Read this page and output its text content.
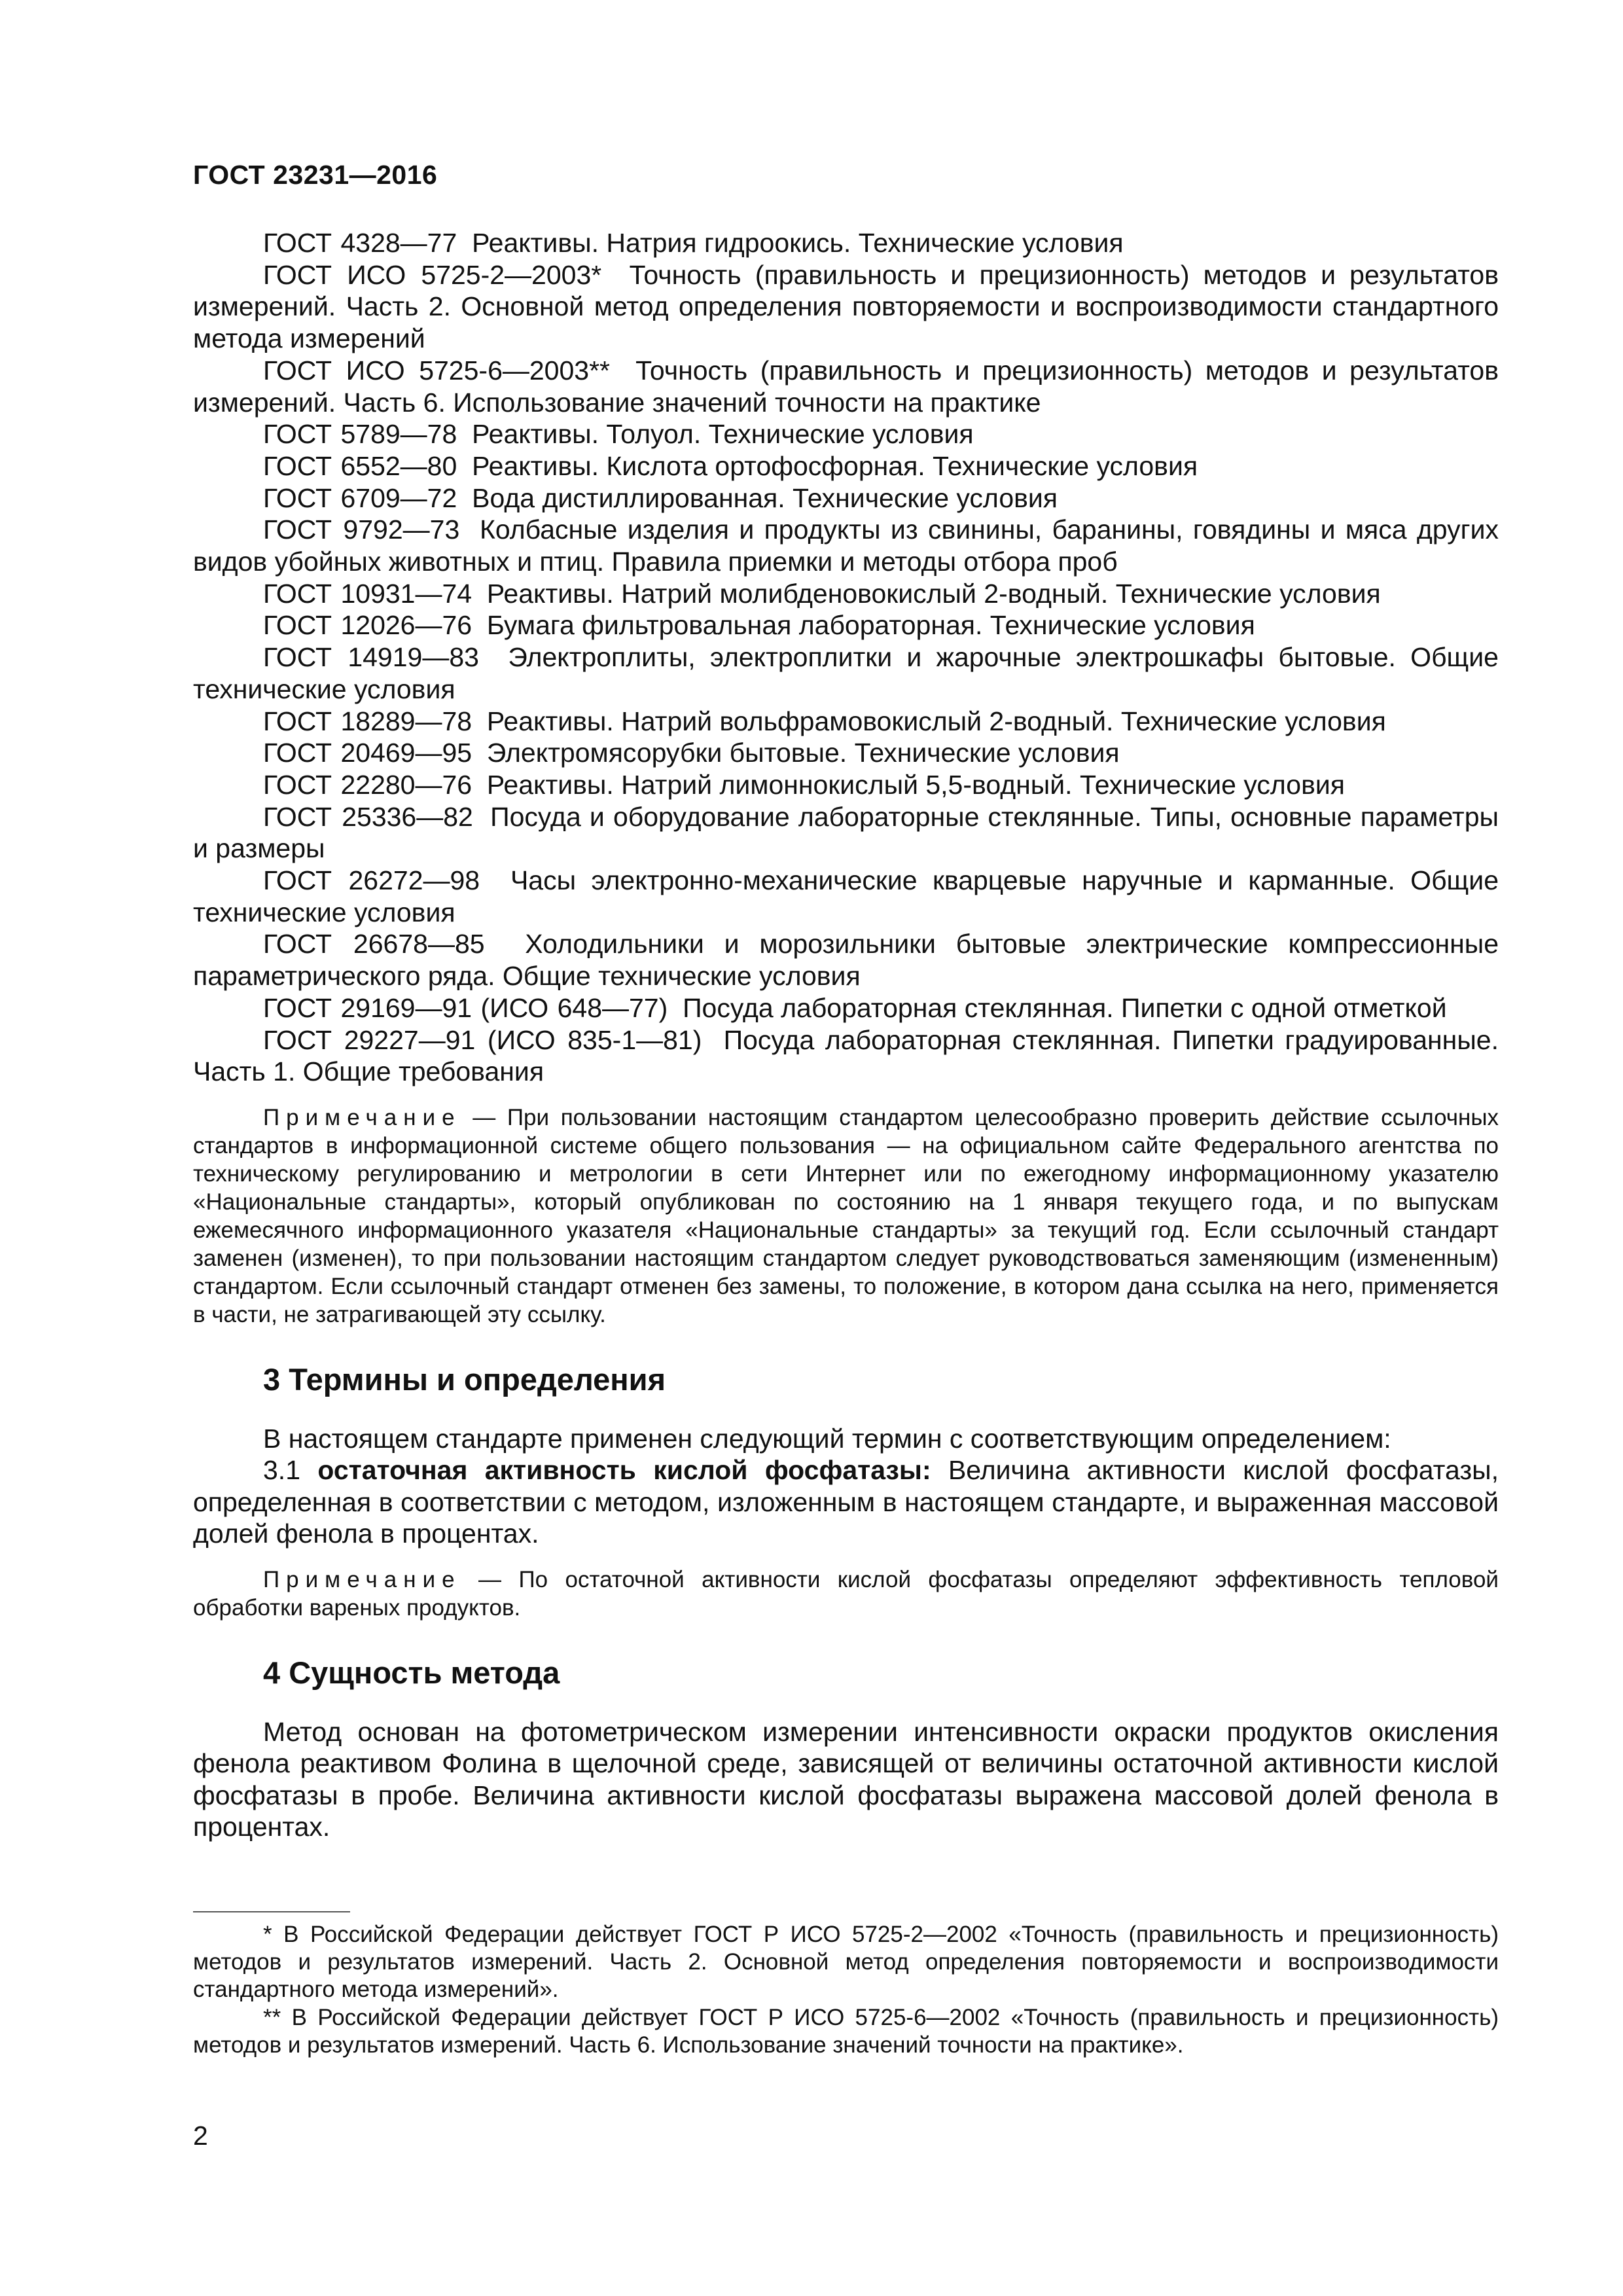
ГОСТ 23231—2016

ГОСТ 4328—77 Реактивы. Натрия гидроокись. Технические условия

ГОСТ ИСО 5725-2—2003* Точность (правильность и прецизионность) методов и результатов измерений. Часть 2. Основной метод определения повторяемости и воспроизводимости стандартного метода измерений

ГОСТ ИСО 5725-6—2003** Точность (правильность и прецизионность) методов и результатов измерений. Часть 6. Использование значений точности на практике

ГОСТ 5789—78 Реактивы. Толуол. Технические условия

ГОСТ 6552—80 Реактивы. Кислота ортофосфорная. Технические условия

ГОСТ 6709—72 Вода дистиллированная. Технические условия

ГОСТ 9792—73 Колбасные изделия и продукты из свинины, баранины, говядины и мяса других видов убойных животных и птиц. Правила приемки и методы отбора проб

ГОСТ 10931—74 Реактивы. Натрий молибденовокислый 2-водный. Технические условия

ГОСТ 12026—76 Бумага фильтровальная лабораторная. Технические условия

ГОСТ 14919—83 Электроплиты, электроплитки и жарочные электрошкафы бытовые. Общие технические условия

ГОСТ 18289—78 Реактивы. Натрий вольфрамовокислый 2-водный. Технические условия

ГОСТ 20469—95 Электромясорубки бытовые. Технические условия

ГОСТ 22280—76 Реактивы. Натрий лимоннокислый 5,5-водный. Технические условия

ГОСТ 25336—82 Посуда и оборудование лабораторные стеклянные. Типы, основные параметры и размеры

ГОСТ 26272—98 Часы электронно-механические кварцевые наручные и карманные. Общие технические условия

ГОСТ 26678—85 Холодильники и морозильники бытовые электрические компрессионные параметрического ряда. Общие технические условия

ГОСТ 29169—91 (ИСО 648—77) Посуда лабораторная стеклянная. Пипетки с одной отметкой

ГОСТ 29227—91 (ИСО 835-1—81) Посуда лабораторная стеклянная. Пипетки градуированные. Часть 1. Общие требования

Примечание — При пользовании настоящим стандартом целесообразно проверить действие ссылочных стандартов в информационной системе общего пользования — на официальном сайте Федерального агентства по техническому регулированию и метрологии в сети Интернет или по ежегодному информационному указателю «Национальные стандарты», который опубликован по состоянию на 1 января текущего года, и по выпускам ежемесячного информационного указателя «Национальные стандарты» за текущий год. Если ссылочный стандарт заменен (изменен), то при пользовании настоящим стандартом следует руководствоваться заменяющим (измененным) стандартом. Если ссылочный стандарт отменен без замены, то положение, в котором дана ссылка на него, применяется в части, не затрагивающей эту ссылку.

3 Термины и определения

В настоящем стандарте применен следующий термин с соответствующим определением:

3.1 остаточная активность кислой фосфатазы: Величина активности кислой фосфатазы, определенная в соответствии с методом, изложенным в настоящем стандарте, и выраженная массовой долей фенола в процентах.

Примечание — По остаточной активности кислой фосфатазы определяют эффективность тепловой обработки вареных продуктов.

4 Сущность метода

Метод основан на фотометрическом измерении интенсивности окраски продуктов окисления фенола реактивом Фолина в щелочной среде, зависящей от величины остаточной активности кислой фосфатазы в пробе. Величина активности кислой фосфатазы выражена массовой долей фенола в процентах.

* В Российской Федерации действует ГОСТ Р ИСО 5725-2—2002 «Точность (правильность и прецизионность) методов и результатов измерений. Часть 2. Основной метод определения повторяемости и воспроизводимости стандартного метода измерений».

** В Российской Федерации действует ГОСТ Р ИСО 5725-6—2002 «Точность (правильность и прецизионность) методов и результатов измерений. Часть 6. Использование значений точности на практике».

2
